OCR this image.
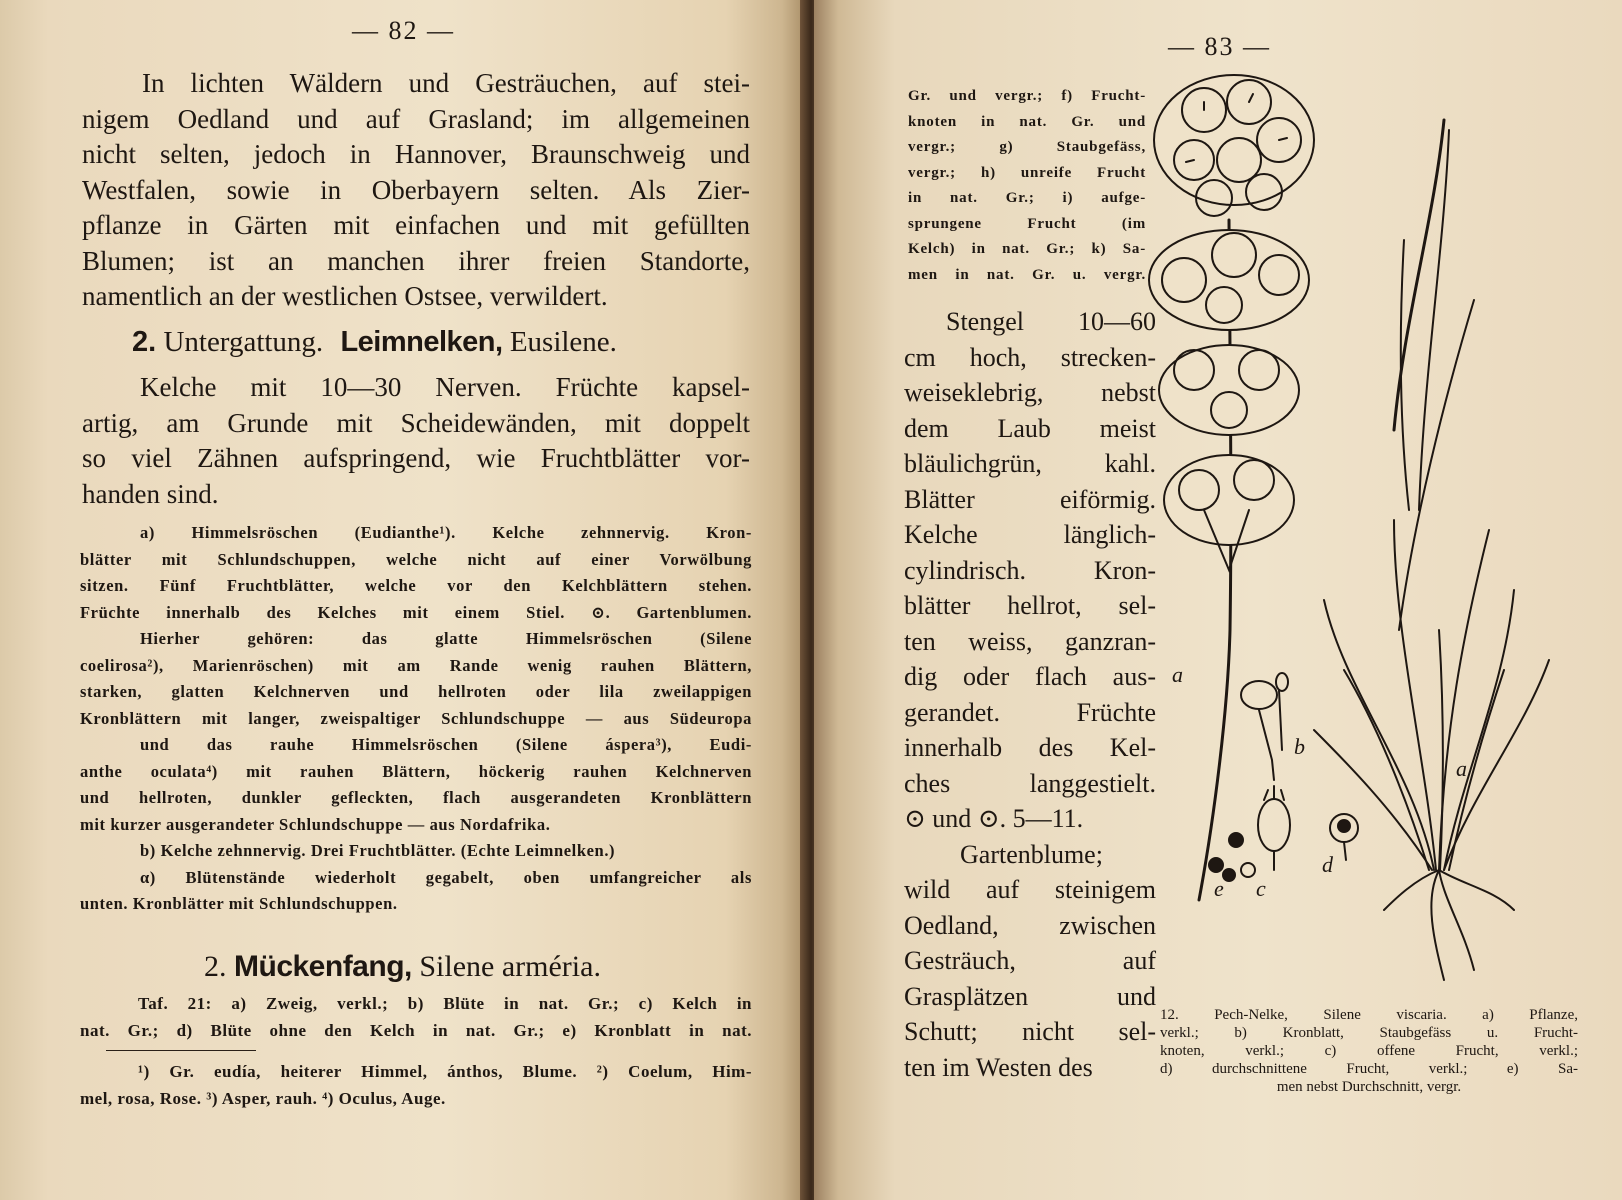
— 82 —
In lichten Wäldern und Gesträuchen, auf stei-
nigem Oedland und auf Grasland; im allgemeinen
nicht selten, jedoch in Hannover, Braunschweig und
Westfalen, sowie in Oberbayern selten. Als Zier-
pflanze in Gärten mit einfachen und mit gefüllten
Blumen; ist an manchen ihrer freien Standorte,
namentlich an der westlichen Ostsee, verwildert.
2. Untergattung. Leimnelken, Eusilene.
Kelche mit 10—30 Nerven. Früchte kapsel-
artig, am Grunde mit Scheidewänden, mit doppelt
so viel Zähnen aufspringend, wie Fruchtblätter vor-
handen sind.
a) Himmelsröschen (Eudianthe¹). Kelche zehnnervig. Kron-
blätter mit Schlundschuppen, welche nicht auf einer Vorwölbung
sitzen. Fünf Fruchtblätter, welche vor den Kelchblättern stehen.
Früchte innerhalb des Kelches mit einem Stiel. ⊙. Gartenblumen.
Hierher gehören: das glatte Himmelsröschen (Silene
coelirosa²), Marienröschen) mit am Rande wenig rauhen Blättern,
starken, glatten Kelchnerven und hellroten oder lila zweilappigen
Kronblättern mit langer, zweispaltiger Schlundschuppe — aus Südeuropa
und das rauhe Himmelsröschen (Silene áspera³), Eudi-
anthe oculata⁴) mit rauhen Blättern, höckerig rauhen Kelchnerven
und hellroten, dunkler gefleckten, flach ausgerandeten Kronblättern
mit kurzer ausgerandeter Schlundschuppe — aus Nordafrika.
b) Kelche zehnnervig. Drei Fruchtblätter. (Echte Leimnelken.)
α) Blütenstände wiederholt gegabelt, oben umfangreicher als
unten. Kronblätter mit Schlundschuppen.
2. Mückenfang, Silene arméria.
Taf. 21: a) Zweig, verkl.; b) Blüte in nat. Gr.; c) Kelch in
nat. Gr.; d) Blüte ohne den Kelch in nat. Gr.; e) Kronblatt in nat.
¹) Gr. eudía, heiterer Himmel, ánthos, Blume. ²) Coelum, Him-
mel, rosa, Rose. ³) Asper, rauh. ⁴) Oculus, Auge.
— 83 —
Gr. und vergr.; f) Frucht-
knoten in nat. Gr. und
vergr.; g) Staubgefäss,
vergr.; h) unreife Frucht
in nat. Gr.; i) aufge-
sprungene Frucht (im
Kelch) in nat. Gr.; k) Sa-
men in nat. Gr. u. vergr.
Stengel 10—60
cm hoch, strecken-
weiseklebrig, nebst
dem Laub meist
bläulichgrün, kahl.
Blätter eiförmig.
Kelche länglich-
cylindrisch. Kron-
blätter hellrot, sel-
ten weiss, ganzran-
dig oder flach aus-
gerandet. Früchte
innerhalb des Kel-
ches langgestielt.
⊙ und ⊙. 5—11.
Gartenblume;
wild auf steinigem
Oedland, zwischen
Gesträuch, auf
Grasplätzen und
Schutt; nicht sel-
ten im Westen des
a
a
b
c
d
e
12. Pech-Nelke, Silene viscaria. a) Pflanze,
verkl.; b) Kronblatt, Staubgefäss u. Frucht-
knoten, verkl.; c) offene Frucht, verkl.;
d) durchschnittene Frucht, verkl.; e) Sa-
men nebst Durchschnitt, vergr.
